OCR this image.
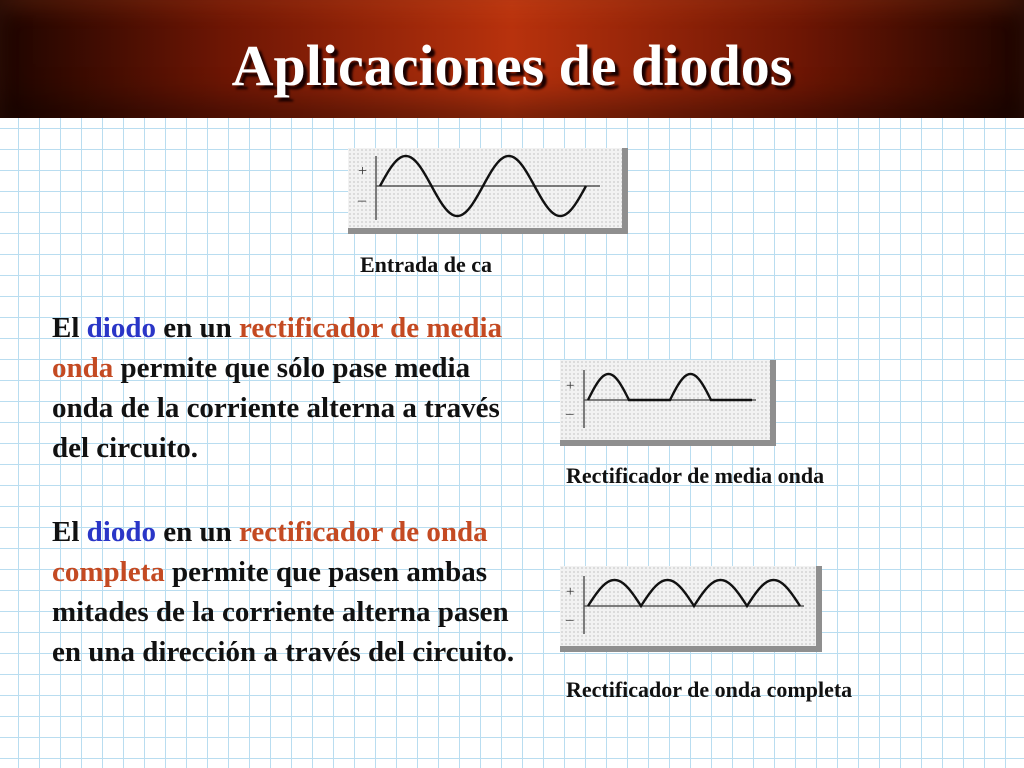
Aplicaciones de diodos
+
–
Entrada de ca
+
–
Rectificador de media onda
+
–
Rectificador de onda completa
El diodo en un rectificador de media onda permite que sólo pase media onda de la corriente alterna a través del circuito.
El diodo en un rectificador de onda completa permite que pasen ambas mitades de la corriente alterna pasen en una dirección a través del circuito.
